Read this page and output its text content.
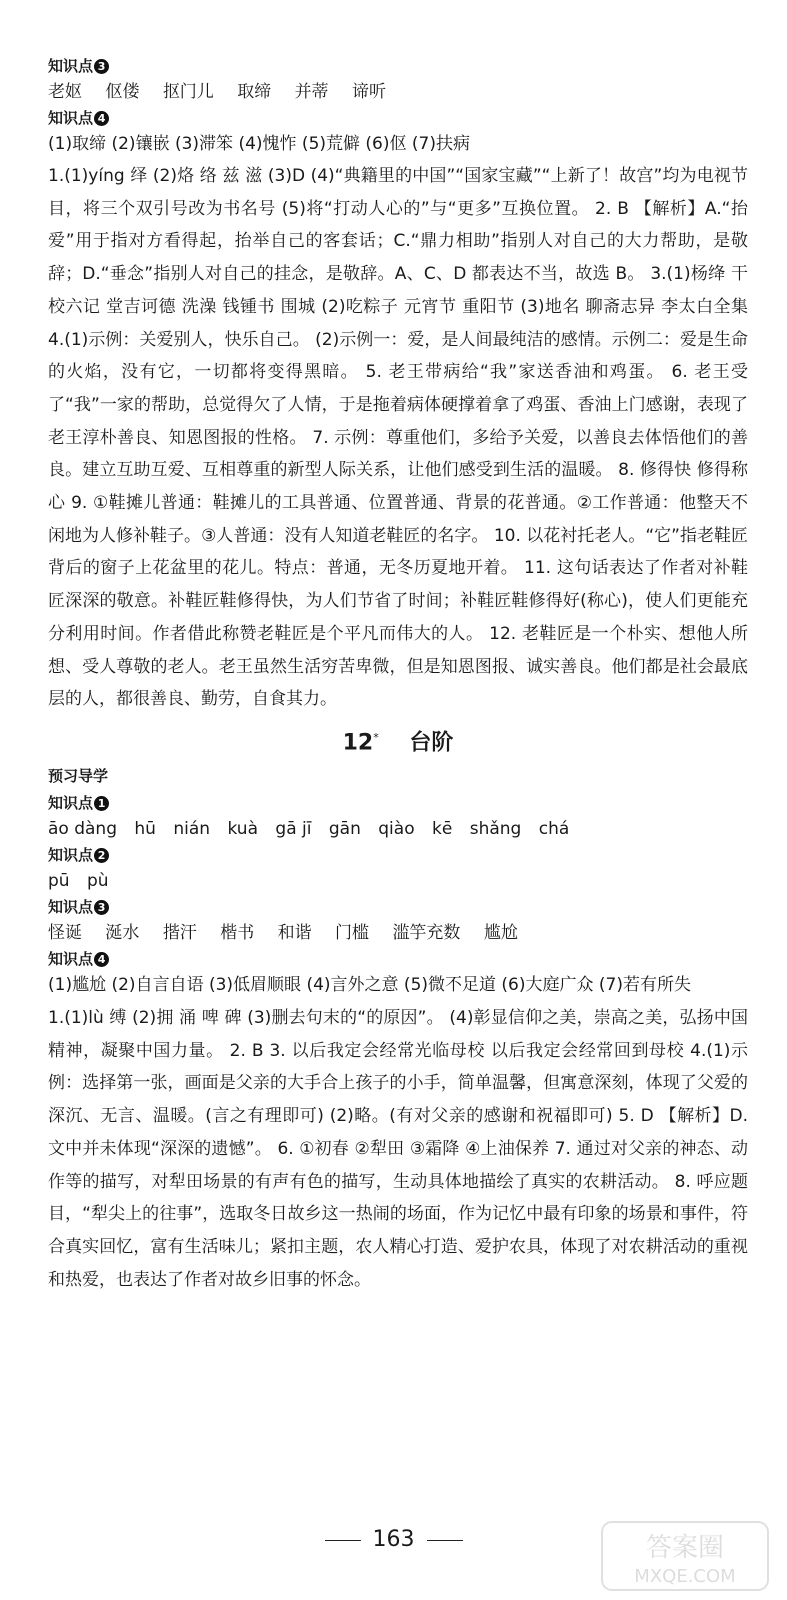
知识点 3

老妪 伛偻 抠门儿 取缔 并蒂 谛听

知识点 4

(1)取缔 (2)镶嵌 (3)滞笨 (4)愧怍 (5)荒僻 (6)伛 (7)扶病

1.(1)yíng 绎 (2)烙 络 兹 滋 (3)D (4)“典籍里的中国”“国家宝藏”“上新了！故宫”均为电视节目，将三个双引号改为书名号 (5)将“打动人心的”与“更多”互换位置。 2. B 【解析】A.“抬爱”用于指对方看得起，抬举自己的客套话；C.“鼎力相助”指别人对自己的大力帮助，是敬辞；D.“垂念”指别人对自己的挂念，是敬辞。A、C、D 都表达不当，故选 B。 3.(1)杨绛 干校六记 堂吉诃德 洗澡 钱锺书 围城 (2)吃粽子 元宵节 重阳节 (3)地名 聊斋志异 李太白全集 4.(1)示例：关爱别人，快乐自己。 (2)示例一：爱，是人间最纯洁的感情。示例二：爱是生命的火焰，没有它，一切都将变得黑暗。 5. 老王带病给“我”家送香油和鸡蛋。 6. 老王受了“我”一家的帮助，总觉得欠了人情，于是拖着病体硬撑着拿了鸡蛋、香油上门感谢，表现了老王淳朴善良、知恩图报的性格。 7. 示例：尊重他们，多给予关爱，以善良去体悟他们的善良。建立互助互爱、互相尊重的新型人际关系，让他们感受到生活的温暖。 8. 修得快 修得称心 9. ①鞋摊儿普通：鞋摊儿的工具普通、位置普通、背景的花普通。②工作普通：他整天不闲地为人修补鞋子。③人普通：没有人知道老鞋匠的名字。 10. 以花衬托老人。“它”指老鞋匠背后的窗子上花盆里的花儿。特点：普通，无冬历夏地开着。 11. 这句话表达了作者对补鞋匠深深的敬意。补鞋匠鞋修得快，为人们节省了时间；补鞋匠鞋修得好(称心)，使人们更能充分利用时间。作者借此称赞老鞋匠是个平凡而伟大的人。 12. 老鞋匠是一个朴实、想他人所想、受人尊敬的老人。老王虽然生活穷苦卑微，但是知恩图报、诚实善良。他们都是社会最底层的人，都很善良、勤劳，自食其力。

12* 台阶

预习导学

知识点 1

āo dàng hū nián kuà gā jī gān qiào kē shǎng chá

知识点 2

pū pù

知识点 3

怪诞 涎水 揩汗 楷书 和谐 门槛 滥竽充数 尴尬

知识点 4

(1)尴尬 (2)自言自语 (3)低眉顺眼 (4)言外之意 (5)微不足道 (6)大庭广众 (7)若有所失

1.(1)lù 缚 (2)拥 涌 啤 碑 (3)删去句末的“的原因”。 (4)彰显信仰之美，崇高之美，弘扬中国精神，凝聚中国力量。 2. B 3. 以后我定会经常光临母校 以后我定会经常回到母校 4.(1)示例：选择第一张，画面是父亲的大手合上孩子的小手，简单温馨，但寓意深刻，体现了父爱的深沉、无言、温暖。(言之有理即可) (2)略。(有对父亲的感谢和祝福即可) 5. D 【解析】D. 文中并未体现“深深的遗憾”。 6. ①初春 ②犁田 ③霜降 ④上油保养 7. 通过对父亲的神态、动作等的描写，对犁田场景的有声有色的描写，生动具体地描绘了真实的农耕活动。 8. 呼应题目，“犁尖上的往事”，选取冬日故乡这一热闹的场面，作为记忆中最有印象的场景和事件，符合真实回忆，富有生活味儿；紧扣主题，农人精心打造、爱护农具，体现了对农耕活动的重视和热爱，也表达了作者对故乡旧事的怀念。

163	答案圈
MXQE.COM
